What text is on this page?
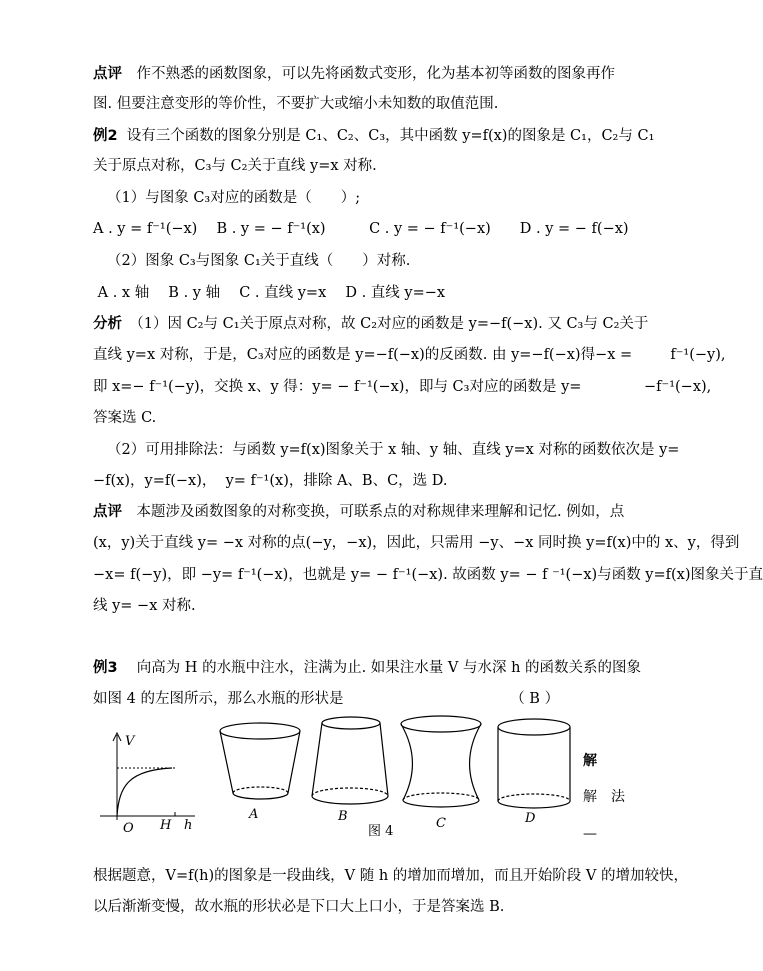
点评　作不熟悉的函数图象，可以先将函数式变形，化为基本初等函数的图象再作
图. 但要注意变形的等价性，不要扩大或缩小未知数的取值范围.
例2  设有三个函数的图象分别是 C₁、C₂、C₃，其中函数 y=f(x)的图象是 C₁，C₂与 C₁
关于原点对称，C₃与 C₂关于直线 y=x 对称.
（1）与图象 C₃对应的函数是（　　）;
A . y = f⁻¹(−x)　 B . y = − f⁻¹(x)　　　C . y = − f⁻¹(−x)　　D . y = − f(−x)
（2）图象 C₃与图象 C₁关于直线（　　）对称.
A . x 轴　 B . y 轴　 C . 直线 y=x　 D . 直线 y=−x
分析　（1）因 C₂与 C₁关于原点对称，故 C₂对应的函数是 y=−f(−x). 又 C₃与 C₂关于
直线 y=x 对称，于是，C₃对应的函数是 y=−f(−x)的反函数. 由 y=−f(−x)得−x =　　  f⁻¹(−y),
即 x=− f⁻¹(−y)，交换 x、y 得：y= − f⁻¹(−x)，即与 C₃对应的函数是 y=　　　　 −f⁻¹(−x),
答案选 C.
（2）可用排除法：与函数 y=f(x)图象关于 x 轴、y 轴、直线 y=x 对称的函数依次是 y=
−f(x)，y=f(−x)，  y= f⁻¹(x)，排除 A、B、C，选 D.
点评　本题涉及函数图象的对称变换，可联系点的对称规律来理解和记忆. 例如，点
(x，y)关于直线 y= −x 对称的点(−y，−x)，因此，只需用 −y、−x 同时换 y=f(x)中的 x、y，得到
−x= f(−y)，即 −y= f⁻¹(−x)，也就是 y= − f⁻¹(−x). 故函数 y= − f ⁻¹(−x)与函数 y=f(x)图象关于直
线 y= −x 对称.
例3　 向高为 H 的水瓶中注水，注满为止. 如果注水量 V 与水深 h 的函数关系的图象
如图 4 的左图所示，那么水瓶的形状是　　　　　　　　　　　　（ B ）
根据题意，V=f(h)的图象是一段曲线，V 随 h 的增加而增加，而且开始阶段 V 的增加较快，
以后渐渐变慢，故水瓶的形状必是下口大上口小，于是答案选 B.
V
O H h
A	B	C	D
图 4
解
解　法
—
